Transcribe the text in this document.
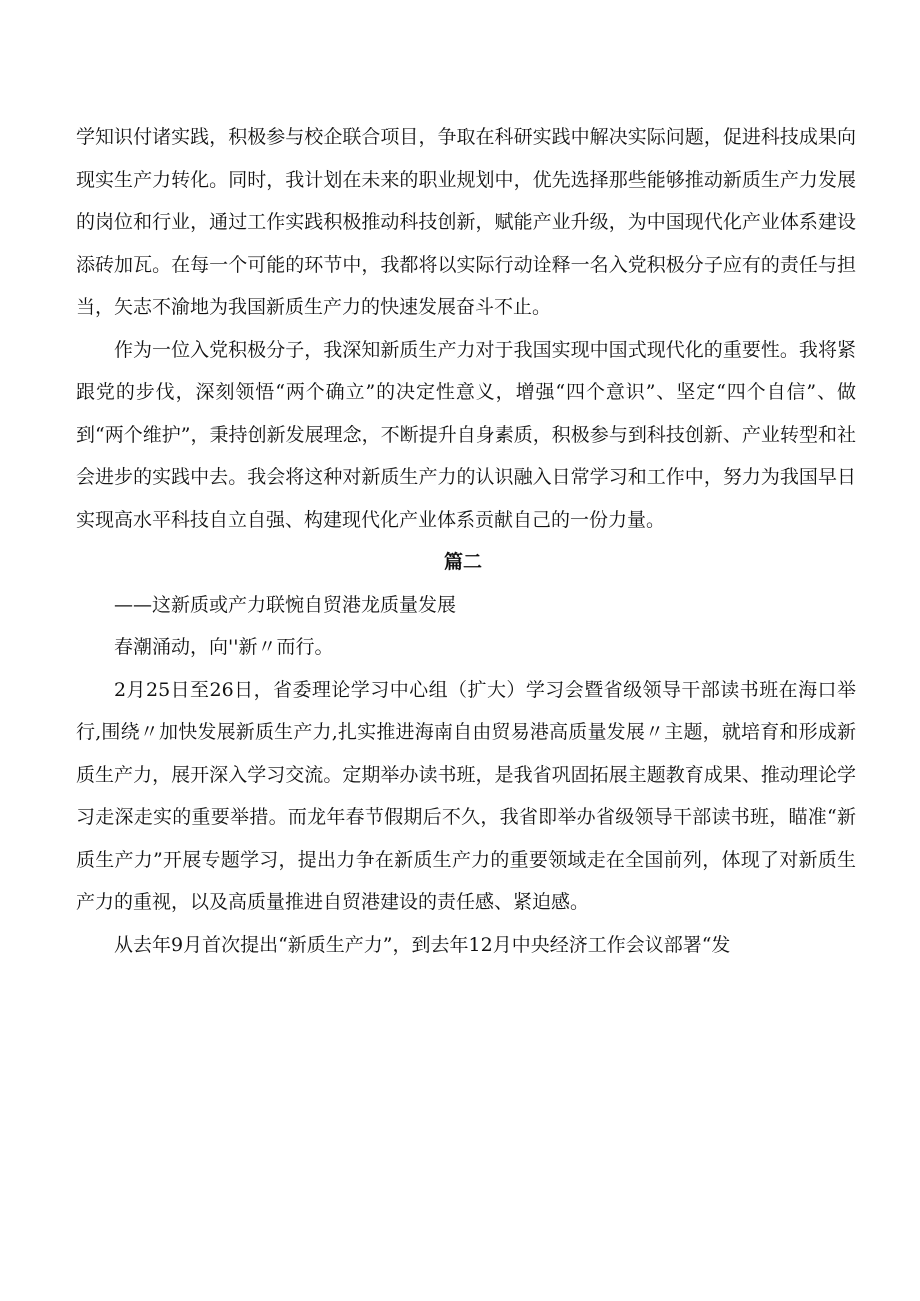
学知识付诸实践，积极参与校企联合项目，争取在科研实践中解决实际问题，促进科技成果向现实生产力转化。同时，我计划在未来的职业规划中，优先选择那些能够推动新质生产力发展的岗位和行业，通过工作实践积极推动科技创新，赋能产业升级，为中国现代化产业体系建设添砖加瓦。在每一个可能的环节中，我都将以实际行动诠释一名入党积极分子应有的责任与担当，矢志不渝地为我国新质生产力的快速发展奋斗不止。

作为一位入党积极分子，我深知新质生产力对于我国实现中国式现代化的重要性。我将紧跟党的步伐，深刻领悟“两个确立”的决定性意义，增强“四个意识”、坚定“四个自信”、做到“两个维护”，秉持创新发展理念，不断提升自身素质，积极参与到科技创新、产业转型和社会进步的实践中去。我会将这种对新质生产力的认识融入日常学习和工作中，努力为我国早日实现高水平科技自立自强、构建现代化产业体系贡献自己的一份力量。

篇二

——这新质或产力联惋自贸港龙质量发展

春潮涌动，向''新〃而行。

2月25日至26日，省委理论学习中心组（扩大）学习会暨省级领导干部读书班在海口举行,围绕〃加快发展新质生产力,扎实推进海南自由贸易港高质量发展〃主题，就培育和形成新质生产力，展开深入学习交流。定期举办读书班，是我省巩固拓展主题教育成果、推动理论学习走深走实的重要举措。而龙年春节假期后不久，我省即举办省级领导干部读书班，瞄准“新质生产力”开展专题学习，提出力争在新质生产力的重要领域走在全国前列，体现了对新质生产力的重视，以及高质量推进自贸港建设的责任感、紧迫感。

从去年9月首次提出“新质生产力”，到去年12月中央经济工作会议部署“发
